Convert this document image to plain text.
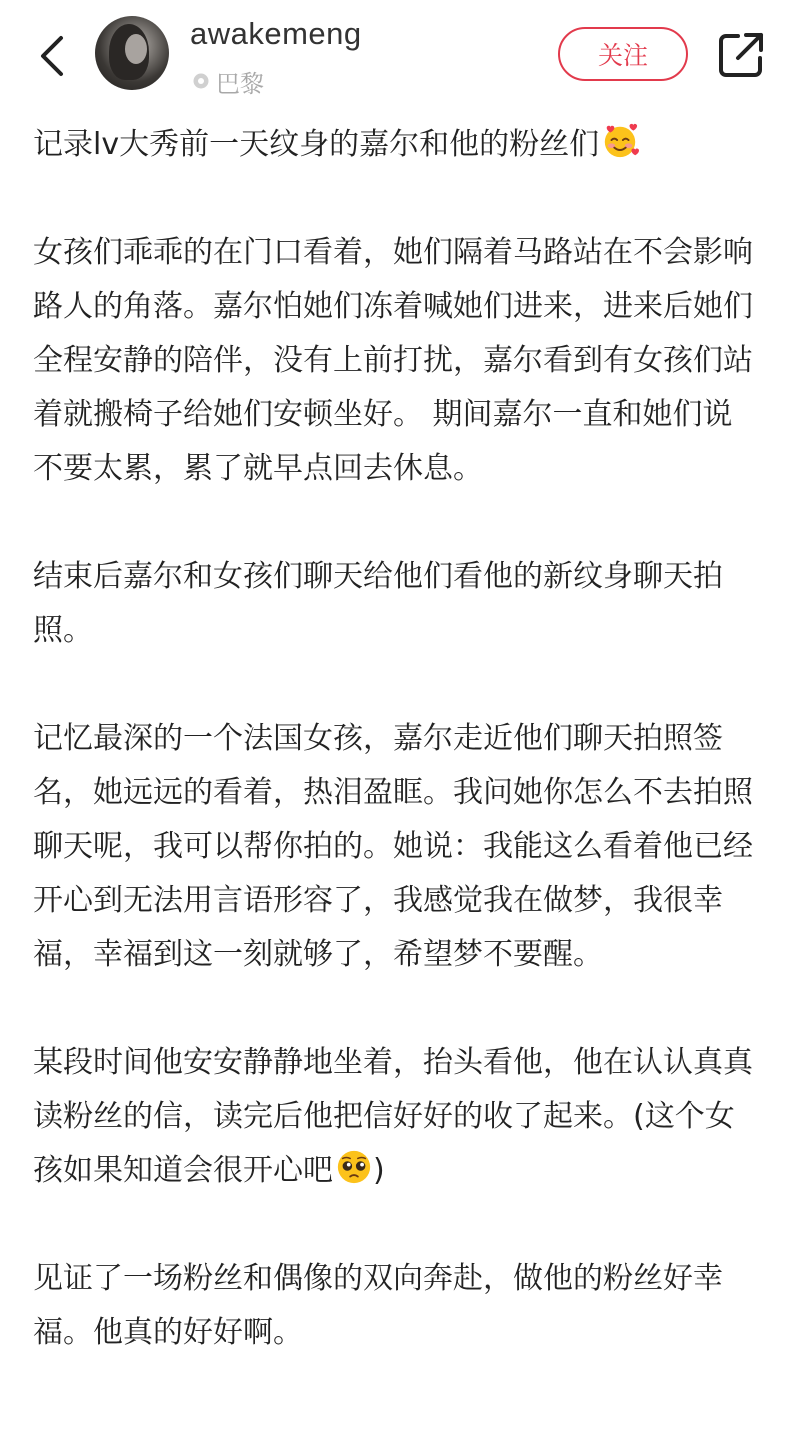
awakemeng
巴黎
关注

记录lv大秀前一天纹身的嘉尔和他的粉丝们

女孩们乖乖的在门口看着，她们隔着马路站在不会影响路人的角落。嘉尔怕她们冻着喊她们进来，进来后她们全程安静的陪伴，没有上前打扰，嘉尔看到有女孩们站着就搬椅子给她们安顿坐好。 期间嘉尔一直和她们说不要太累，累了就早点回去休息。

结束后嘉尔和女孩们聊天给他们看他的新纹身聊天拍照。

记忆最深的一个法国女孩，嘉尔走近他们聊天拍照签名，她远远的看着，热泪盈眶。我问她你怎么不去拍照聊天呢，我可以帮你拍的。她说：我能这么看着他已经开心到无法用言语形容了，我感觉我在做梦，我很幸福，幸福到这一刻就够了，希望梦不要醒。

某段时间他安安静静地坐着，抬头看他，他在认认真真读粉丝的信，读完后他把信好好的收了起来。(这个女孩如果知道会很开心吧 )

见证了一场粉丝和偶像的双向奔赴，做他的粉丝好幸福。他真的好好啊。
